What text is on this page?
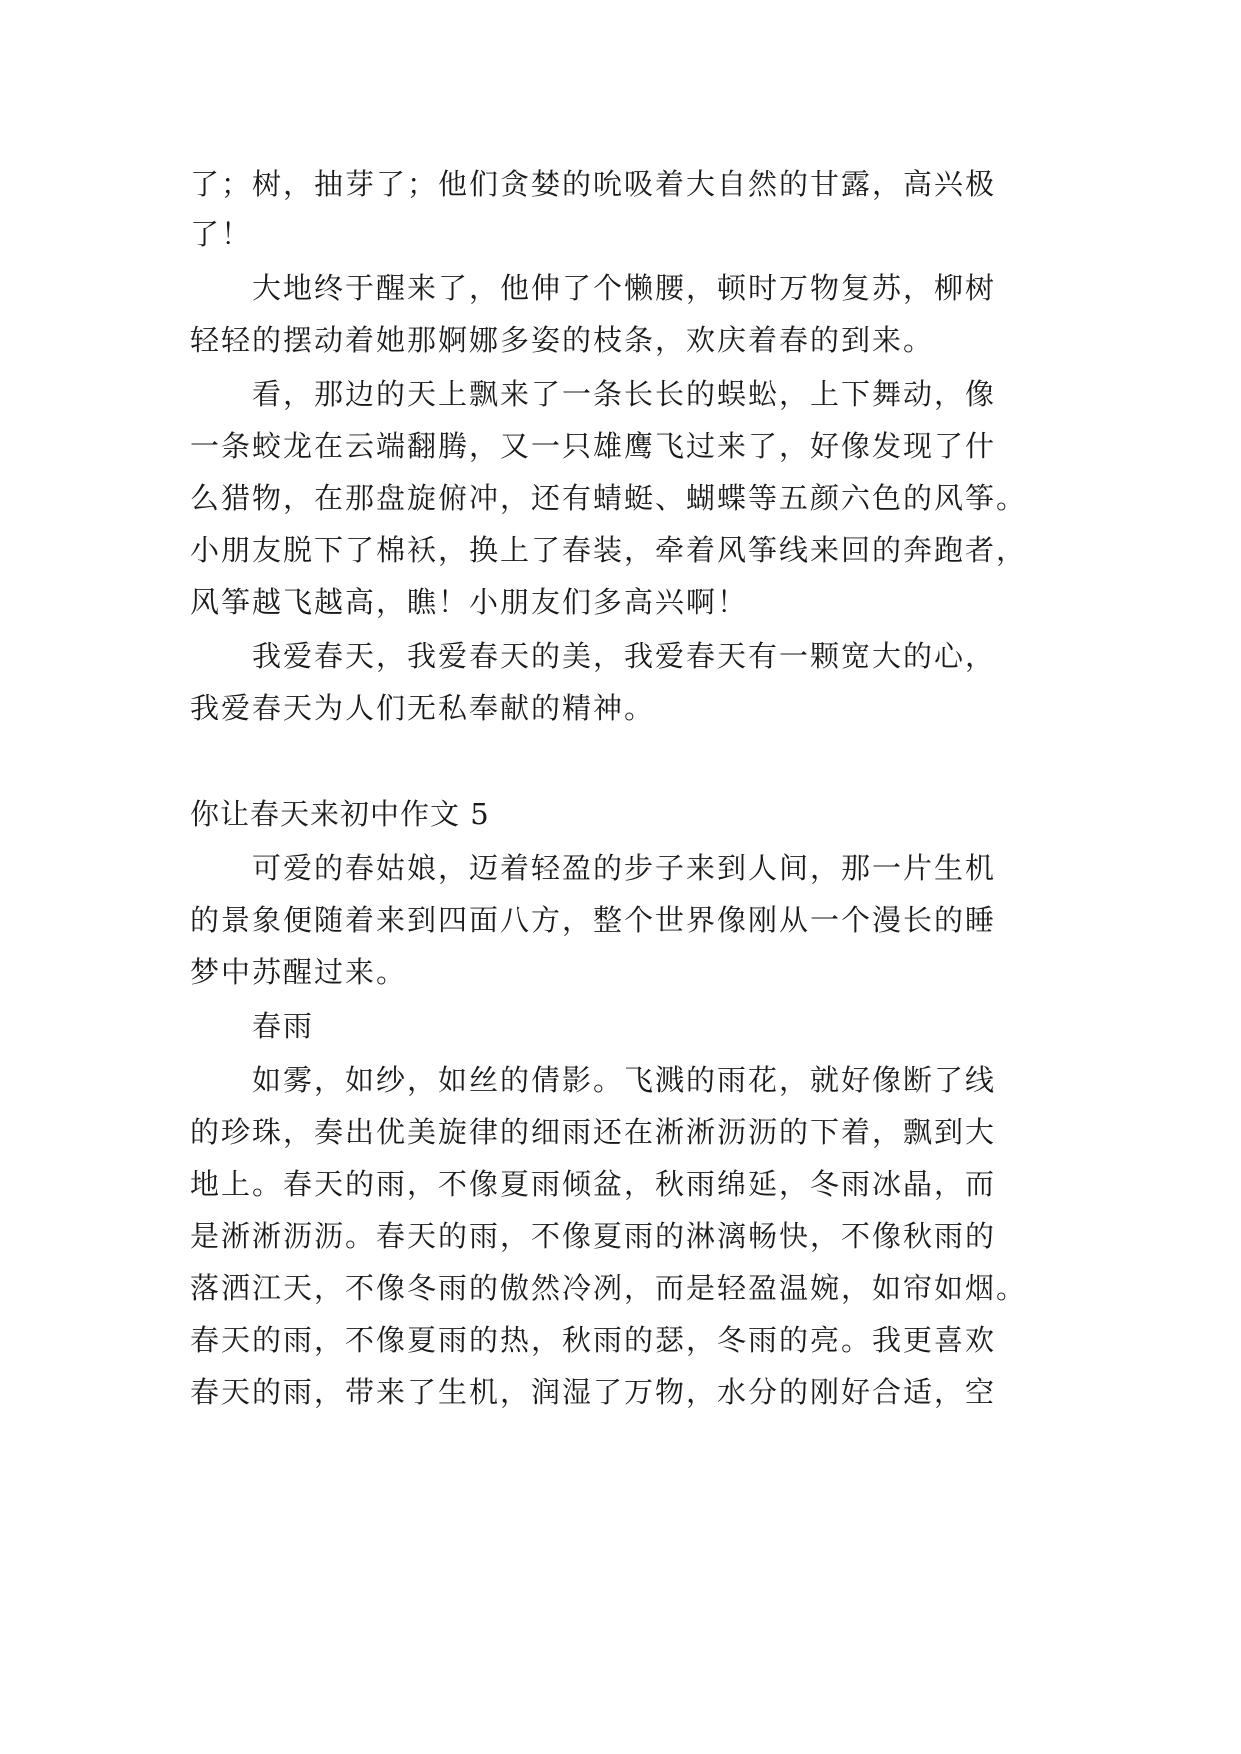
了；树，抽芽了；他们贪婪的吮吸着大自然的甘露，高兴极
了！
大地终于醒来了，他伸了个懒腰，顿时万物复苏，柳树
轻轻的摆动着她那婀娜多姿的枝条，欢庆着春的到来。
看，那边的天上飘来了一条长长的蜈蚣，上下舞动，像
一条蛟龙在云端翻腾，又一只雄鹰飞过来了，好像发现了什
么猎物，在那盘旋俯冲，还有蜻蜓、蝴蝶等五颜六色的风筝。
小朋友脱下了棉袄，换上了春装，牵着风筝线来回的奔跑者，
风筝越飞越高，瞧！小朋友们多高兴啊！
我爱春天，我爱春天的美，我爱春天有一颗宽大的心，
我爱春天为人们无私奉献的精神。
你让春天来初中作文 5
可爱的春姑娘，迈着轻盈的步子来到人间，那一片生机
的景象便随着来到四面八方，整个世界像刚从一个漫长的睡
梦中苏醒过来。
春雨
如雾，如纱，如丝的倩影。飞溅的雨花，就好像断了线
的珍珠，奏出优美旋律的细雨还在淅淅沥沥的下着，飘到大
地上。春天的雨，不像夏雨倾盆，秋雨绵延，冬雨冰晶，而
是淅淅沥沥。春天的雨，不像夏雨的淋漓畅快，不像秋雨的
落洒江天，不像冬雨的傲然冷冽，而是轻盈温婉，如帘如烟。
春天的雨，不像夏雨的热，秋雨的瑟，冬雨的亮。我更喜欢
春天的雨，带来了生机，润湿了万物，水分的刚好合适，空
